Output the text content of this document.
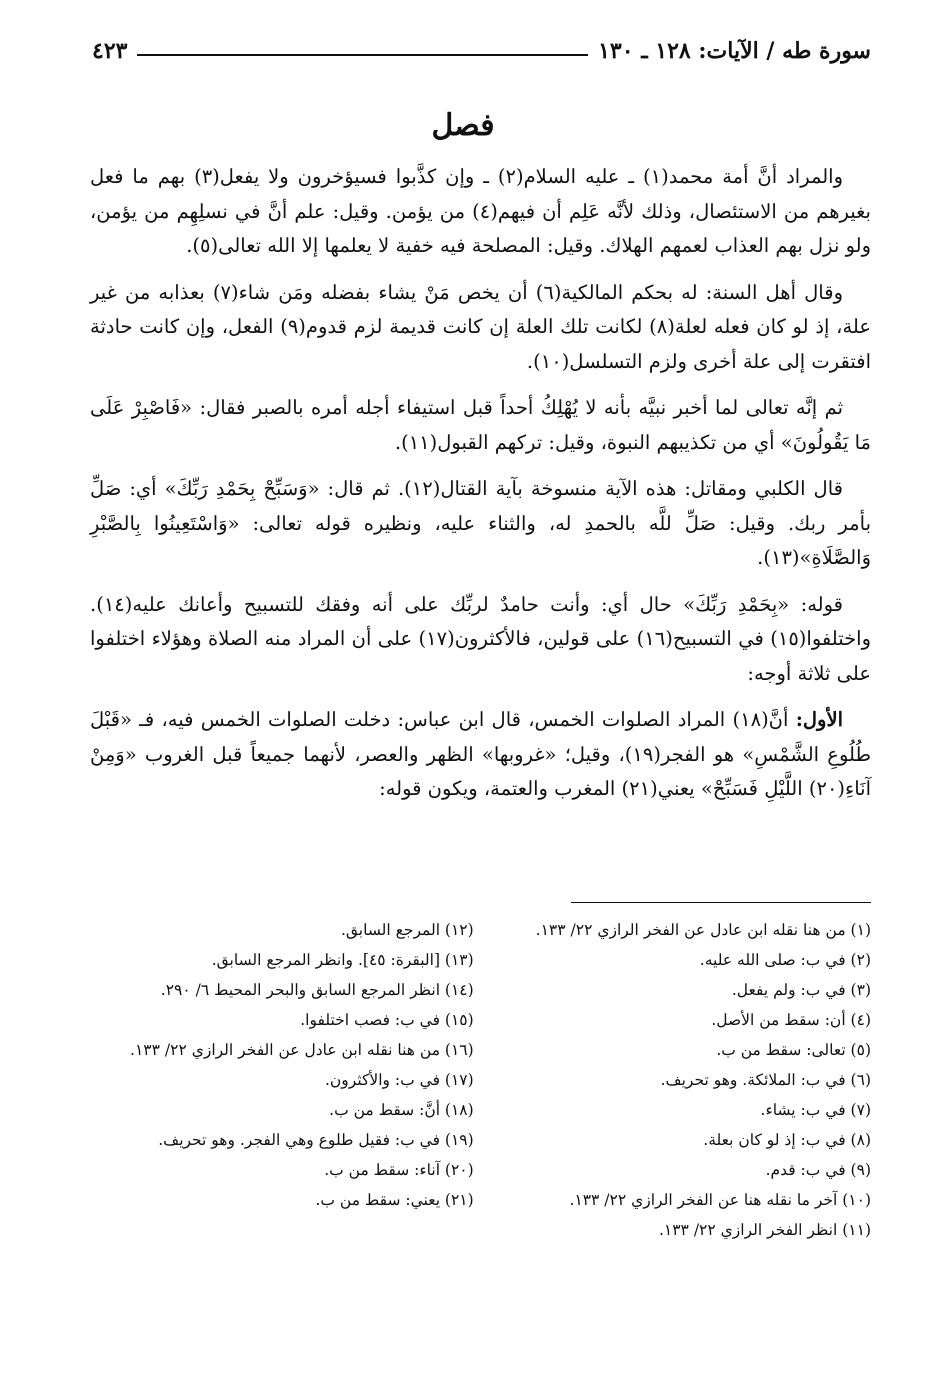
سورة طه / الآيات: ١٢٨ ـ ١٣٠
٤٢٣
فصل

والمراد أنَّ أمة محمد(١) ـ عليه السلام(٢) ـ وإن كذَّبوا فسيؤخرون ولا يفعل(٣) بهم ما فعل بغيرهم من الاستئصال، وذلك لأنَّه عَلِم أن فيهم(٤) من يؤمن. وقيل: علم أنَّ في نسلِهِم من يؤمن، ولو نزل بهم العذاب لعمهم الهلاك. وقيل: المصلحة فيه خفية لا يعلمها إلا الله تعالى(٥).

وقال أهل السنة: له بحكم المالكية(٦) أن يخص مَنْ يشاء بفضله ومَن شاء(٧) بعذابه من غير علة، إذ لو كان فعله لعلة(٨) لكانت تلك العلة إن كانت قديمة لزم قدوم(٩) الفعل، وإن كانت حادثة افتقرت إلى علة أخرى ولزم التسلسل(١٠).

ثم إنَّه تعالى لما أخبر نبيَّه بأنه لا يُهْلِكُ أحداً قبل استيفاء أجله أمره بالصبر فقال: «فَاصْبِرْ عَلَى مَا يَقُولُونَ» أي من تكذيبهم النبوة، وقيل: تركهم القبول(١١).

قال الكلبي ومقاتل: هذه الآية منسوخة بآية القتال(١٢). ثم قال: «وَسَبِّحْ بِحَمْدِ رَبِّكَ» أي: صَلِّ بأمر ربك. وقيل: صَلِّ للَّه بالحمدِ له، والثناء عليه، ونظيره قوله تعالى: «وَاسْتَعِينُوا بِالصَّبْرِ وَالصَّلَاةِ»(١٣).

قوله: «بِحَمْدِ رَبِّكَ» حال أي: وأنت حامدٌ لربِّك على أنه وفقك للتسبيح وأعانك عليه(١٤). واختلفوا(١٥) في التسبيح(١٦) على قولين، فالأكثرون(١٧) على أن المراد منه الصلاة وهؤلاء اختلفوا على ثلاثة أوجه:

الأول: أنَّ(١٨) المراد الصلوات الخمس، قال ابن عباس: دخلت الصلوات الخمس فيه، فـ «قَبْلَ طُلُوعِ الشَّمْسِ» هو الفجر(١٩)، وقيل؛ «غروبها» الظهر والعصر، لأنهما جميعاً قبل الغروب «وَمِنْ آنَاءِ(٢٠) اللَّيْلِ فَسَبِّحْ» يعني(٢١) المغرب والعتمة، ويكون قوله:

(١) من هنا نقله ابن عادل عن الفخر الرازي ٢٢/ ١٣٣.

(٢) في ب: صلى الله عليه.

(٣) في ب: ولم يفعل.

(٤) أن: سقط من الأصل.

(٥) تعالى: سقط من ب.

(٦) في ب: الملائكة. وهو تحريف.

(٧) في ب: يشاء.

(٨) في ب: إذ لو كان بعلة.

(٩) في ب: قدم.

(١٠) آخر ما نقله هنا عن الفخر الرازي ٢٢/ ١٣٣.

(١١) انظر الفخر الرازي ٢٢/ ١٣٣.

(١٢) المرجع السابق.

(١٣) [البقرة: ٤٥]. وانظر المرجع السابق.

(١٤) انظر المرجع السابق والبحر المحيط ٦/ ٢٩٠.

(١٥) في ب: فصب اختلفوا.

(١٦) من هنا نقله ابن عادل عن الفخر الرازي ٢٢/ ١٣٣.

(١٧) في ب: والأكثرون.

(١٨) أنَّ: سقط من ب.

(١٩) في ب: فقيل طلوع وهي الفجر. وهو تحريف.

(٢٠) آناء: سقط من ب.

(٢١) يعني: سقط من ب.
